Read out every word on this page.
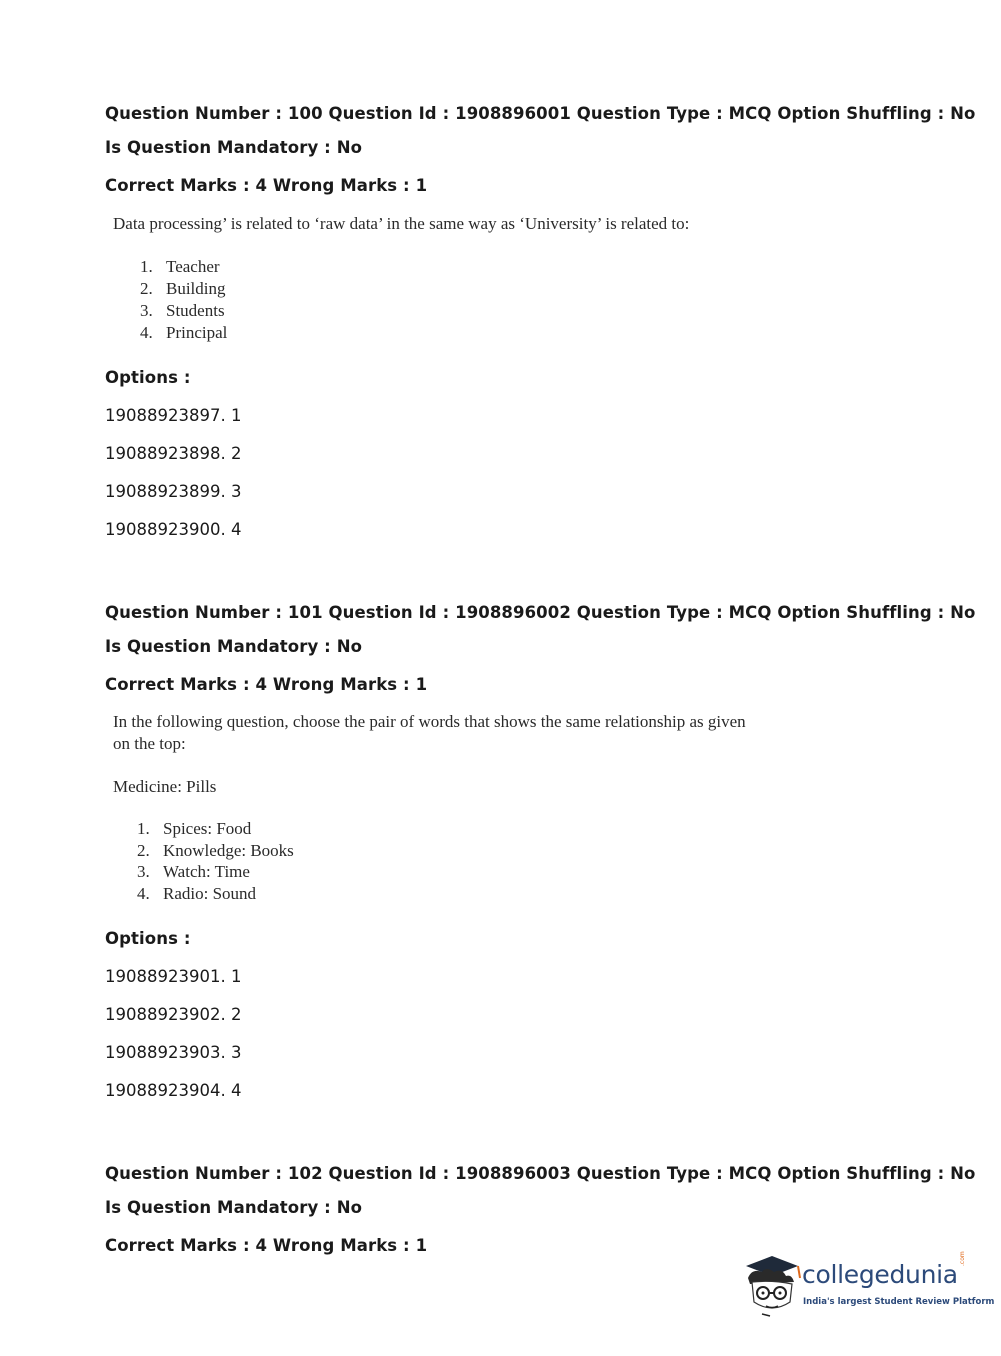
Question Number : 100 Question Id : 1908896001 Question Type : MCQ Option Shuffling : No
Is Question Mandatory : No
Correct Marks : 4 Wrong Marks : 1
Data processing’ is related to ‘raw data’ in the same way as ‘University’ is related to:
1. Teacher
2. Building
3. Students
4. Principal
Options :
19088923897. 1
19088923898. 2
19088923899. 3
19088923900. 4
Question Number : 101 Question Id : 1908896002 Question Type : MCQ Option Shuffling : No
Is Question Mandatory : No
Correct Marks : 4 Wrong Marks : 1
In the following question, choose the pair of words that shows the same relationship as given
on the top:
Medicine: Pills
1. Spices: Food
2. Knowledge: Books
3. Watch: Time
4. Radio: Sound
Options :
19088923901. 1
19088923902. 2
19088923903. 3
19088923904. 4
Question Number : 102 Question Id : 1908896003 Question Type : MCQ Option Shuffling : No
Is Question Mandatory : No
Correct Marks : 4 Wrong Marks : 1
collegedunia
.com
India's largest Student Review Platform
